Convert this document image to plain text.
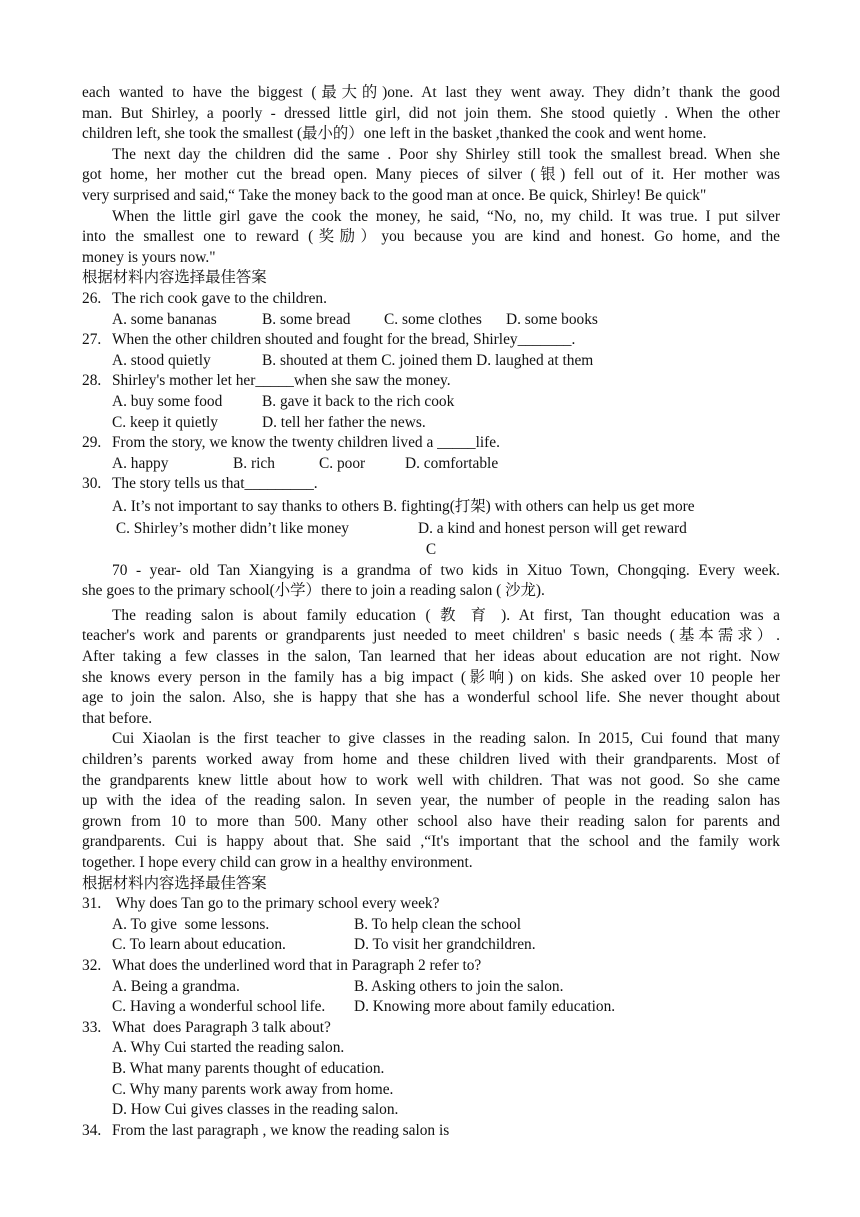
each wanted to have the biggest (最大的)one. At last they went away. They didn’t thank the good

man. But Shirley, a poorly - dressed little girl, did not join them. She stood quietly . When the other

children left, she took the smallest (最小的）one left in the basket ,thanked the cook and went home.

The next day the children did the same . Poor shy Shirley still took the smallest bread. When she

got home, her mother cut the bread open. Many pieces of silver (银) fell out of it. Her mother was

very surprised and said,“ Take the money back to the good man at once. Be quick, Shirley! Be quick"

When the little girl gave the cook the money, he said, “No, no, my child. It was true. I put silver

into the smallest one to reward (奖励）you because you are kind and honest. Go home, and the

money is yours now."

根据材料内容选择最佳答案

26. The rich cook gave to the children.
A. some bananas	B. some bread	C. some clothes	D. some books
27. When the other children shouted and fought for the bread, Shirley_______.
A. stood quietly	B. shouted at them C. joined them D. laughed at them
28. Shirley's mother let her_____when she saw the money.
A. buy some food	B. gave it back to the rich cook
C. keep it quietly	D. tell her father the news.
29. From the story, we know the twenty children lived a _____life.
A. happy	B. rich	C. poor	D. comfortable
30. The story tells us that_________.
A. It’s not important to say thanks to others B. fighting(打架) with others can help us get more
C. Shirley’s mother didn’t like money	D. a kind and honest person will get reward

C

70 - year- old Tan Xiangying is a grandma of two kids in Xituo Town, Chongqing. Every week.

she goes to the primary school(小学）there to join a reading salon ( 沙龙).

The reading salon is about family education ( 教 育 ). At first, Tan thought education was a

teacher's work and parents or grandparents just needed to meet children' s basic needs (基本需求）.

After taking a few classes in the salon, Tan learned that her ideas about education are not right. Now

she knows every person in the family has a big impact (影响) on kids. She asked over 10 people her

age to join the salon. Also, she is happy that she has a wonderful school life. She never thought about

that before.

Cui Xiaolan is the first teacher to give classes in the reading salon. In 2015, Cui found that many

children’s parents worked away from home and these children lived with their grandparents. Most of

the grandparents knew little about how to work well with children. That was not good. So she came

up with the idea of the reading salon. In seven year, the number of people in the reading salon has

grown from 10 to more than 500. Many other school also have their reading salon for parents and

grandparents. Cui is happy about that. She said ,“It's important that the school and the family work

together. I hope every child can grow in a healthy environment.

根据材料内容选择最佳答案

31. Why does Tan go to the primary school every week?
A. To give  some lessons.	B. To help clean the school
C. To learn about education.	D. To visit her grandchildren.
32. What does the underlined word that in Paragraph 2 refer to?
A. Being a grandma.	B. Asking others to join the salon.
C. Having a wonderful school life.	D. Knowing more about family education.
33. What  does Paragraph 3 talk about?
A. Why Cui started the reading salon.
B. What many parents thought of education.
C. Why many parents work away from home.
D. How Cui gives classes in the reading salon.
34. From the last paragraph , we know the reading salon is
